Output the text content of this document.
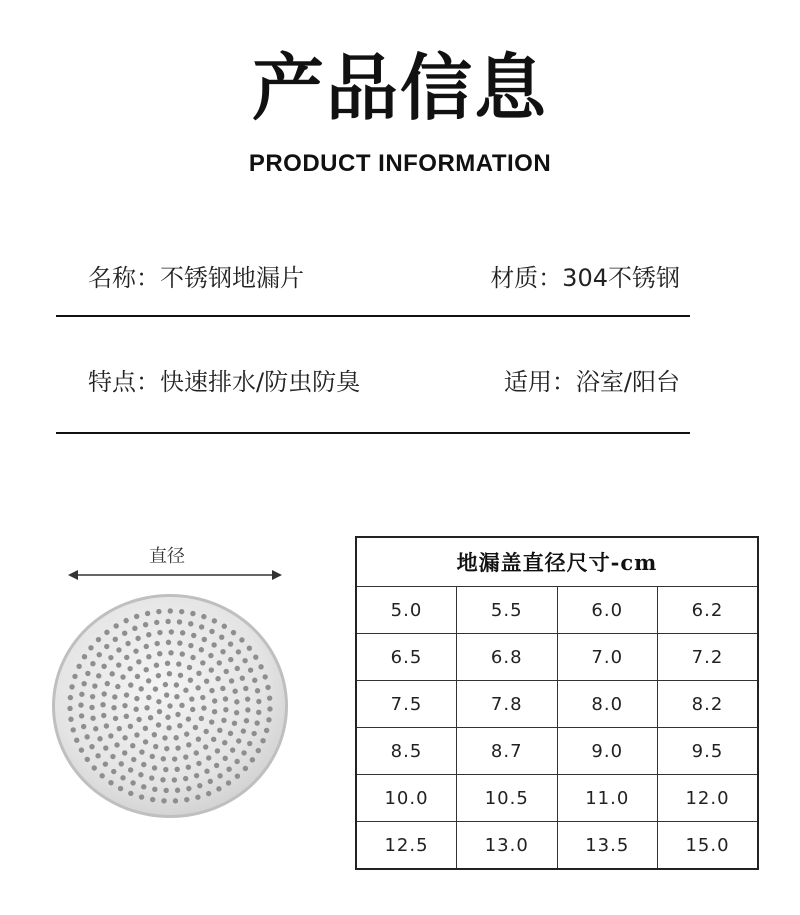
产品信息
PRODUCT INFORMATION
名称：不锈钢地漏片	材质：304不锈钢
特点：快速排水/防虫防臭	适用：浴室/阳台
直径	地漏盖直径尺寸-cm			
5.0	5.5	6.0	6.2
6.5	6.8	7.0	7.2
7.5	7.8	8.0	8.2
8.5	8.7	9.0	9.5
10.0	10.5	11.0	12.0
12.5	13.0	13.5	15.0
